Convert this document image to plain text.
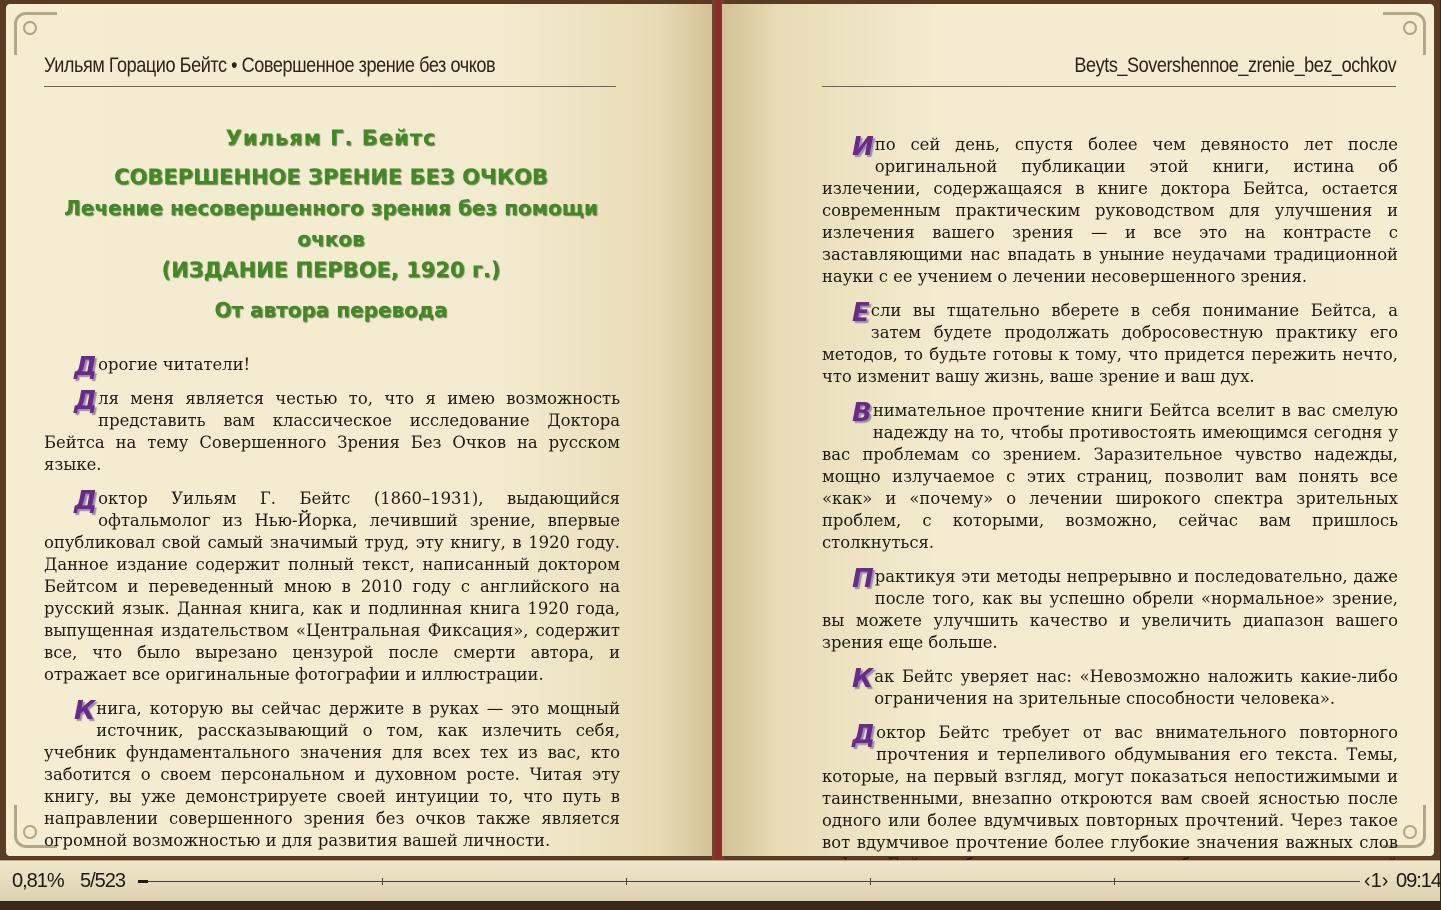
Уильям Горацио Бейтс • Совершенное зрение без очков
Уильям Г. Бейтс
СОВЕРШЕННОЕ ЗРЕНИЕ БЕЗ ОЧКОВ
Лечение несовершенного зрения без помощи очков
(ИЗДАНИЕ ПЕРВОЕ, 1920 г.)
От автора перевода

Дорогие читатели!

Для меня является честью то, что я имею возможность представить вам классическое исследование Доктора Бейтса на тему Совершенного Зрения Без Очков на русском языке.

Доктор Уильям Г. Бейтс (1860–1931), выдающийся офтальмолог из Нью-Йорка, лечивший зрение, впервые опубликовал свой самый значимый труд, эту книгу, в 1920 году. Данное издание содержит полный текст, написанный доктором Бейтсом и переведенный мною в 2010 году с английского на русский язык. Данная книга, как и подлинная книга 1920 года, выпущенная издательством «Центральная Фиксация», содержит все, что было вырезано цензурой после смерти автора, и отражает все оригинальные фотографии и иллюстрации.

Книга, которую вы сейчас держите в руках — это мощный источник, рассказывающий о том, как излечить себя, учебник фундаментального значения для всех тех из вас, кто заботится о своем персональном и духовном росте. Читая эту книгу, вы уже демонстрируете своей интуиции то, что путь в направлении совершенного зрения без очков также является огромной возможностью и для развития вашей личности.

Beyts_Sovershennoe_zrenie_bez_ochkov

И по сей день, спустя более чем девяносто лет после оригинальной публикации этой книги, истина об излечении, содержащаяся в книге доктора Бейтса, остается современным практическим руководством для улучшения и излечения вашего зрения — и все это на контрасте с заставляющими нас впадать в уныние неудачами традиционной науки с ее учением о лечении несовершенного зрения.

Если вы тщательно вберете в себя понимание Бейтса, а затем будете продолжать добросовестную практику его методов, то будьте готовы к тому, что придется пережить нечто, что изменит вашу жизнь, ваше зрение и ваш дух.

Внимательное прочтение книги Бейтса вселит в вас смелую надежду на то, чтобы противостоять имеющимся сегодня у вас проблемам со зрением. Заразительное чувство надежды, мощно излучаемое с этих страниц, позволит вам понять все «как» и «почему» о лечении широкого спектра зрительных проблем, с которыми, возможно, сейчас вам пришлось столкнуться.

Практикуя эти методы непрерывно и последовательно, даже после того, как вы успешно обрели «нормальное» зрение, вы можете улучшить качество и увеличить диапазон вашего зрения еще больше.

Как Бейтс уверяет нас: «Невозможно наложить какие-либо ограничения на зрительные способности человека».

Доктор Бейтс требует от вас внимательного повторного прочтения и терпеливого обдумывания его текста. Темы, которые, на первый взгляд, могут показаться непостижимыми и таинственными, внезапно откроются вам своей ясностью после одного или более вдумчивых повторных прочтений. Через такое вот вдумчивое прочтение более глубокие значения важных слов

0,81% 5/523	‹1› 09:14
